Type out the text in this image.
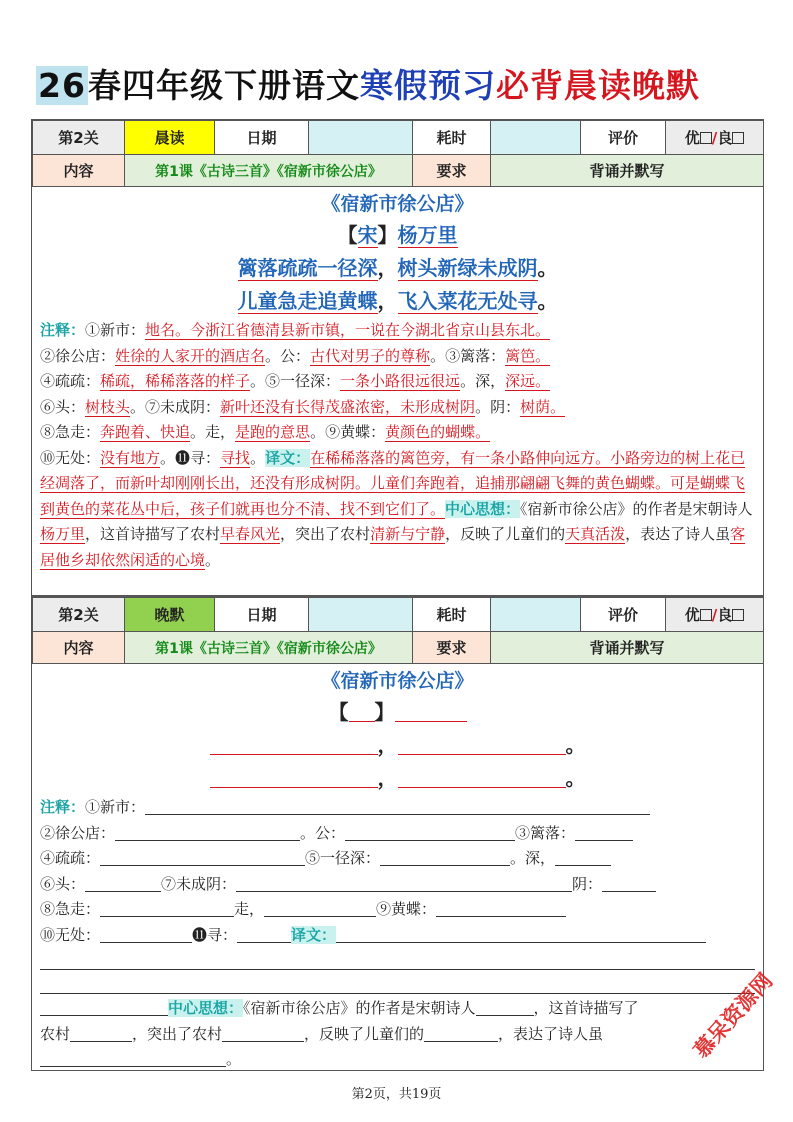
26春四年级下册语文寒假预习必背晨读晚默
第2关	晨读	日期		耗时		评价	优 /良
内容	第1课《古诗三首》《宿新市徐公店》			要求	背诵并默写		
《宿新市徐公店》
【宋】杨万里
篱落疏疏一径深，树头新绿未成阴。
儿童急走追黄蝶，飞入菜花无处寻。
注释：①新市：地名。今浙江省德清县新市镇，一说在今湖北省京山县东北。
②徐公店：姓徐的人家开的酒店名。公：古代对男子的尊称。③篱落：篱笆。
④疏疏：稀疏，稀稀落落的样子。⑤一径深：一条小路很远很远。深，深远。
⑥头：树枝头。⑦未成阴：新叶还没有长得茂盛浓密，未形成树阴。阴：树荫。
⑧急走：奔跑着、快追。走，是跑的意思。⑨黄蝶：黄颜色的蝴蝶。
⑩无处：没有地方。⓫寻：寻找。译文：在稀稀落落的篱笆旁，有一条小路伸向远方。小路旁边的树上花已经凋落了，而新叶却刚刚长出，还没有形成树阴。儿童们奔跑着，追捕那翩翩飞舞的黄色蝴蝶。可是蝴蝶飞到黄色的菜花丛中后，孩子们就再也分不清、找不到它们了。中心思想：《宿新市徐公店》的作者是宋朝诗人杨万里，这首诗描写了农村早春风光，突出了农村清新与宁静，反映了儿童们的天真活泼，表达了诗人虽客居他乡却依然闲适的心境。
第2关	晚默	日期		耗时		评价	优 /良
内容	第1课《古诗三首》《宿新市徐公店》			要求	背诵并默写		
《宿新市徐公店》
【 】
，	。
，	。
注释：①新市：
②徐公店：	。公：	③篱落：
④疏疏：	⑤一径深：	。深，
⑥头：	⑦未成阴：	阴：
⑧急走：	走，	⑨黄蝶：
⑩无处：	⓫寻：	译文：
中心思想：《宿新市徐公店》的作者是宋朝诗人	，这首诗描写了
农村	，突出了农村	，反映了儿童们的	，表达了诗人虽
。	慕呆资源网
第2页，共19页
